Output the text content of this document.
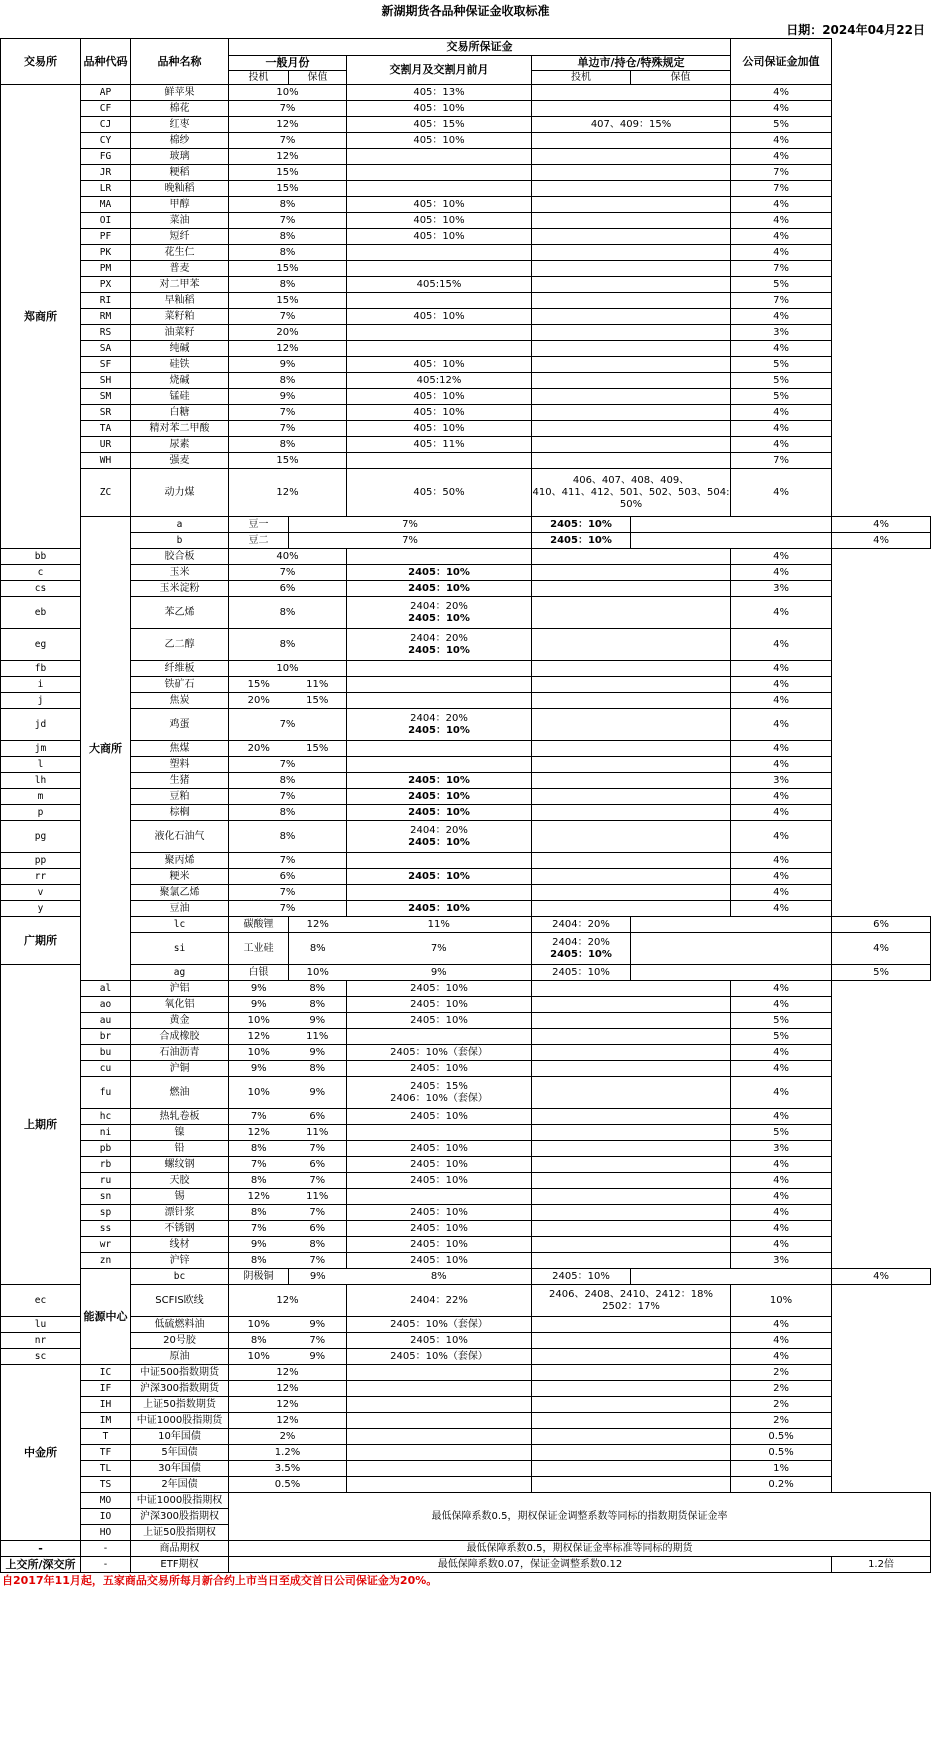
新湖期货各品种保证金收取标准
日期：2024年04月22日
交易所	品种代码	品种名称	交易所保证金					公司保证金加值	
			一般月份		交割月及交割月前月	单边市/持仓/特殊规定			
			投机	保值		投机	保值		
郑商所	AP	鲜苹果	10%		405：13%			4%	
	CF	棉花	7%		405：10%			4%	
	CJ	红枣	12%		405：15%	407、409：15%		5%	
	CY	棉纱	7%		405：10%			4%	
	FG	玻璃	12%					4%	
	JR	粳稻	15%					7%	
	LR	晚籼稻	15%					7%	
	MA	甲醇	8%		405：10%			4%	
	OI	菜油	7%		405：10%			4%	
	PF	短纤	8%		405：10%			4%	
	PK	花生仁	8%					4%	
	PM	普麦	15%					7%	
	PX	对二甲苯	8%		405:15%			5%	
	RI	早籼稻	15%					7%	
	RM	菜籽粕	7%		405：10%			4%	
	RS	油菜籽	20%					3%	
	SA	纯碱	12%					4%	
	SF	硅铁	9%		405：10%			5%	
	SH	烧碱	8%		405:12%			5%	
	SM	锰硅	9%		405：10%			5%	
	SR	白糖	7%		405：10%			4%	
	TA	精对苯二甲酸	7%		405：10%			4%	
	UR	尿素	8%		405：11%			4%	
	WH	强麦	15%					7%	
	ZC	动力煤	12%		405：50%	406、407、408、409、
410、411、412、501、502、503、504:
50%		4%	
	大商所	a	豆一	7%		2405：10%			4%
		b	豆二	7%		2405：10%			4%
bb		胶合板	40%					4%	
c		玉米	7%		2405：10%			4%	
cs		玉米淀粉	6%		2405：10%			3%	
eb		苯乙烯	8%		2404：20%
2405：10%			4%	
eg		乙二醇	8%		2404：20%
2405：10%			4%	
fb		纤维板	10%					4%	
i		铁矿石	15%	11%				4%	
j		焦炭	20%	15%				4%	
jd		鸡蛋	7%		2404：20%
2405：10%			4%	
jm		焦煤	20%	15%				4%	
l		塑料	7%					4%	
lh		生猪	8%		2405：10%			3%	
m		豆粕	7%		2405：10%			4%	
p		棕榈	8%		2405：10%			4%	
pg		液化石油气	8%		2404：20%
2405：10%			4%	
pp		聚丙烯	7%					4%	
rr		粳米	6%		2405：10%			4%	
v		聚氯乙烯	7%					4%	
y		豆油	7%		2405：10%			4%	
广期所		lc	碳酸锂	12%	11%	2404：20%			6%
		si	工业硅	8%	7%	2404：20%
2405：10%			4%
上期所		ag	白银	10%	9%	2405：10%			5%
	al	沪铝	9%	8%	2405：10%			4%	
	ao	氧化铝	9%	8%	2405：10%			4%	
	au	黄金	10%	9%	2405：10%			5%	
	br	合成橡胶	12%	11%				5%	
	bu	石油沥青	10%	9%	2405：10%（套保）			4%	
	cu	沪铜	9%	8%	2405：10%			4%	
	fu	燃油	10%	9%	2405：15%
2406：10%（套保）			4%	
	hc	热轧卷板	7%	6%	2405：10%			4%	
	ni	镍	12%	11%				5%	
	pb	铅	8%	7%	2405：10%			3%	
	rb	螺纹钢	7%	6%	2405：10%			4%	
	ru	天胶	8%	7%	2405：10%			4%	
	sn	锡	12%	11%				4%	
	sp	漂针浆	8%	7%	2405：10%			4%	
	ss	不锈钢	7%	6%	2405：10%			4%	
	wr	线材	9%	8%	2405：10%			4%	
	zn	沪锌	8%	7%	2405：10%			3%	
	能源中心	bc	阴极铜	9%	8%	2405：10%			4%
ec		SCFIS欧线	12%		2404：22%	2406、2408、2410、2412：18%
2502：17%		10%	
lu		低硫燃料油	10%	9%	2405：10%（套保）			4%	
nr		20号胶	8%	7%	2405：10%			4%	
sc		原油	10%	9%	2405：10%（套保）			4%	
中金所	IC	中证500指数期货	12%					2%	
	IF	沪深300指数期货	12%					2%	
	IH	上证50指数期货	12%					2%	
	IM	中证1000股指期货	12%					2%	
	T	10年国债	2%					0.5%	
	TF	5年国债	1.2%					0.5%	
	TL	30年国债	3.5%					1%	
	TS	2年国债	0.5%					0.2%	
	MO	中证1000股指期权	最低保障系数0.5，期权保证金调整系数等同标的指数期货保证金率						
	IO	沪深300股指期权							
	HO	上证50股指期权							
-	-	商品期权	最低保障系数0.5，期权保证金率标准等同标的期货						
上交所/深交所	-	ETF期权	最低保障系数0.07，保证金调整系数0.12						1.2倍
自2017年11月起，五家商品交易所每月新合约上市当日至成交首日公司保证金为20%。
